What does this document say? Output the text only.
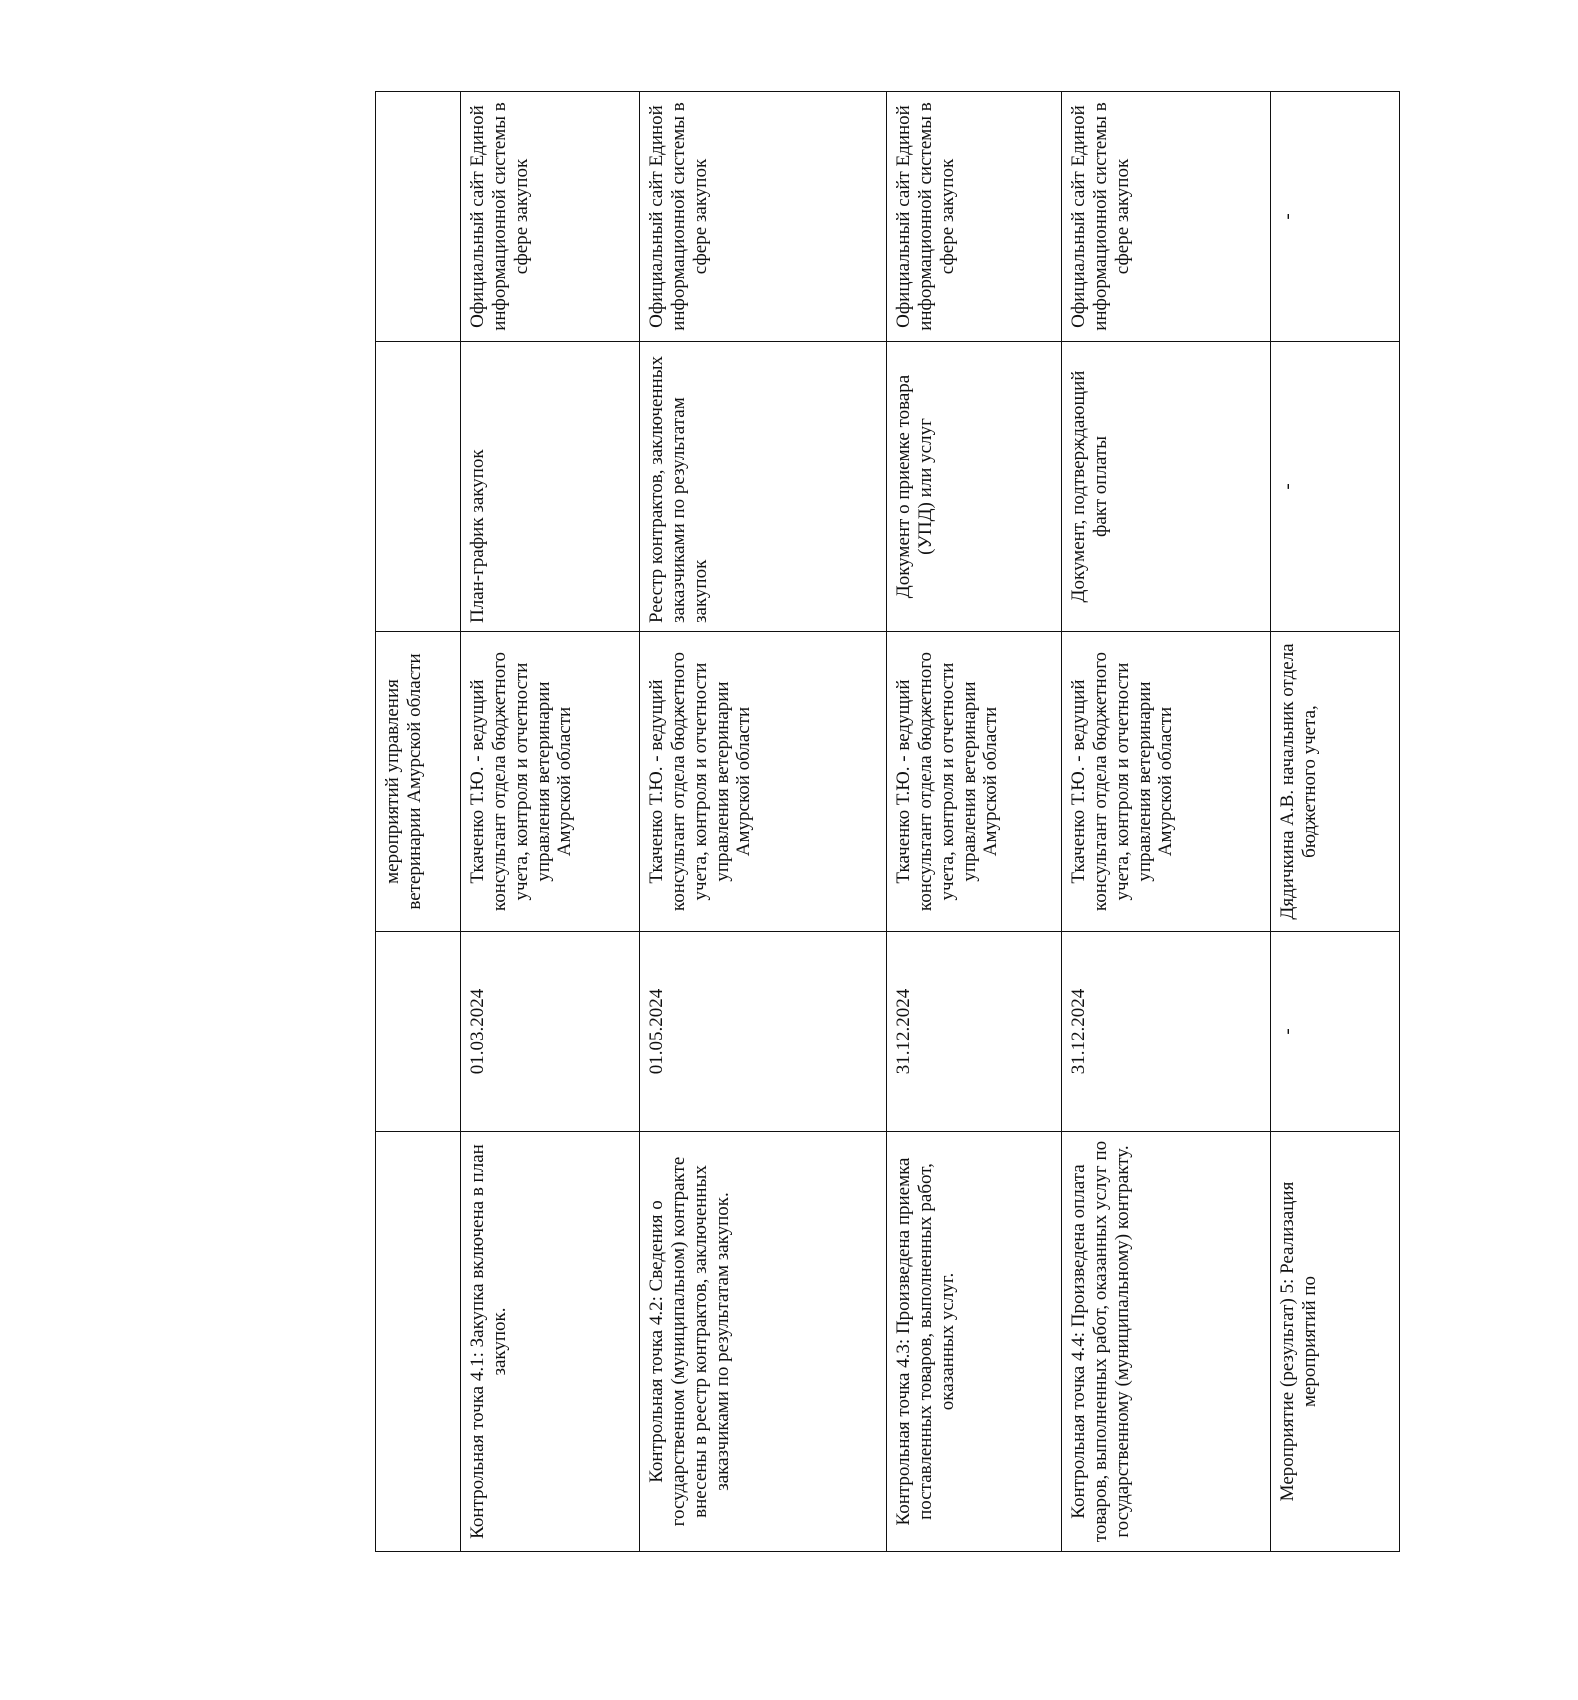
		мероприятий управления ветеринарии Амурской области		
Контрольная точка 4.1: Закупка включена в план закупок.	01.03.2024	Ткаченко Т.Ю. - ведущий консультант отдела бюджетного учета, контроля и отчетности управления ветеринарии Амурской области	План-график закупок	Официальный сайт Единой информационной системы в сфере закупок
Контрольная точка 4.2: Сведения о государственном (муниципальном) контракте внесены в реестр контрактов, заключенных заказчиками по результатам закупок.	01.05.2024	Ткаченко Т.Ю. - ведущий консультант отдела бюджетного учета, контроля и отчетности управления ветеринарии Амурской области	Реестр контрактов, заключенных заказчиками по результатам закупок	Официальный сайт Единой информационной системы в сфере закупок
Контрольная точка 4.3: Произведена приемка поставленных товаров, выполненных работ, оказанных услуг.	31.12.2024	Ткаченко Т.Ю. - ведущий консультант отдела бюджетного учета, контроля и отчетности управления ветеринарии Амурской области	Документ о приемке товара (УПД) или услуг	Официальный сайт Единой информационной системы в сфере закупок
Контрольная точка 4.4: Произведена оплата товаров, выполненных работ, оказанных услуг по государственному (муниципальному) контракту.	31.12.2024	Ткаченко Т.Ю. - ведущий консультант отдела бюджетного учета, контроля и отчетности управления ветеринарии Амурской области	Документ, подтверждающий факт оплаты	Официальный сайт Единой информационной системы в сфере закупок
Мероприятие (результат) 5: Реализация мероприятий по	-	Дядичкина А.В. начальник отдела бюджетного учета,	-	-
